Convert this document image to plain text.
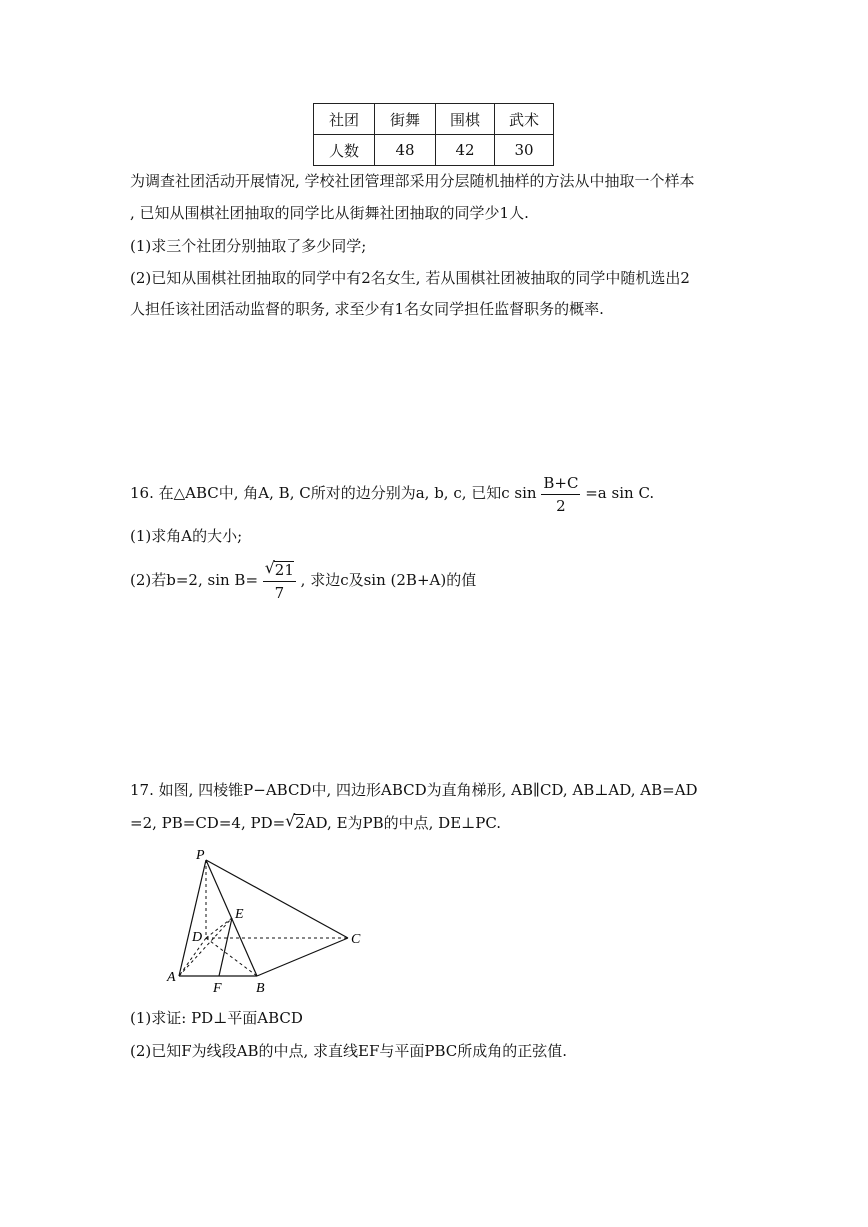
社团	街舞	围棋	武术
人数	48	42	30
为调查社团活动开展情况, 学校社团管理部采用分层随机抽样的方法从中抽取一个样本
, 已知从围棋社团抽取的同学比从街舞社团抽取的同学少1人.
(1)求三个社团分别抽取了多少同学;
(2)已知从围棋社团抽取的同学中有2名女生, 若从围棋社团被抽取的同学中随机选出2
人担任该社团活动监督的职务, 求至少有1名女同学担任监督职务的概率.
16. 在△ABC中, 角A, B, C所对的边分别为a, b, c, 已知c $\sin \frac{B+C}{2} =a$ sin C.
(1)求角A的大小;
(2)若b=2, $\sin B= \frac{√ 21}{7}$ , 求边c及sin (2B+A)的值
17. 如图, 四棱锥P−ABCD中, 四边形ABCD为直角梯形, AB∥CD, AB⊥AD, AB=AD
=2, PB=CD=4, PD= √ 2AD, E为PB的中点, DE⊥PC.
P
E
D	C
A
F B
(1)求证: PD⊥平面ABCD
(2)已知F为线段AB的中点, 求直线EF与平面PBC所成角的正弦值.
